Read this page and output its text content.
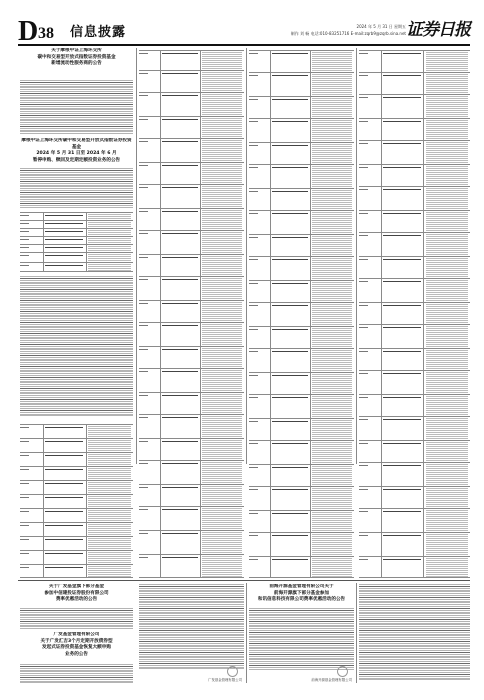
D 38 信息披露	2024 年 5 月 31 日 星期五
制作 刘 畅 电话:010-83251716 E-mail:zqrb9@zqrb.sina.net 证券日报
关于摩根中证上海环交所
碳中和交易型开放式指数证券投资基金
新增流动性服务商的公告
摩根中证上海环交所碳中和交易型开放式指数证券投资基金
2024 年 5 月 31 日至 2024 年 6 月
暂停申购、赎回及定期定额投资业务的公告
关于广发基金旗下部分基金
参加中信建投证券股份有限公司
费率优惠活动的公告
广发基金管理有限公司
关于广发汇吉3个月定期开放债券型
发起式证券投资基金恢复大额申购
业务的公告
广发基金管理有限公司
前海开源基金管理有限公司关于
前海开源旗下部分基金参加
和讯信息科技有限公司费率优惠活动的公告
前海开源基金管理有限公司
